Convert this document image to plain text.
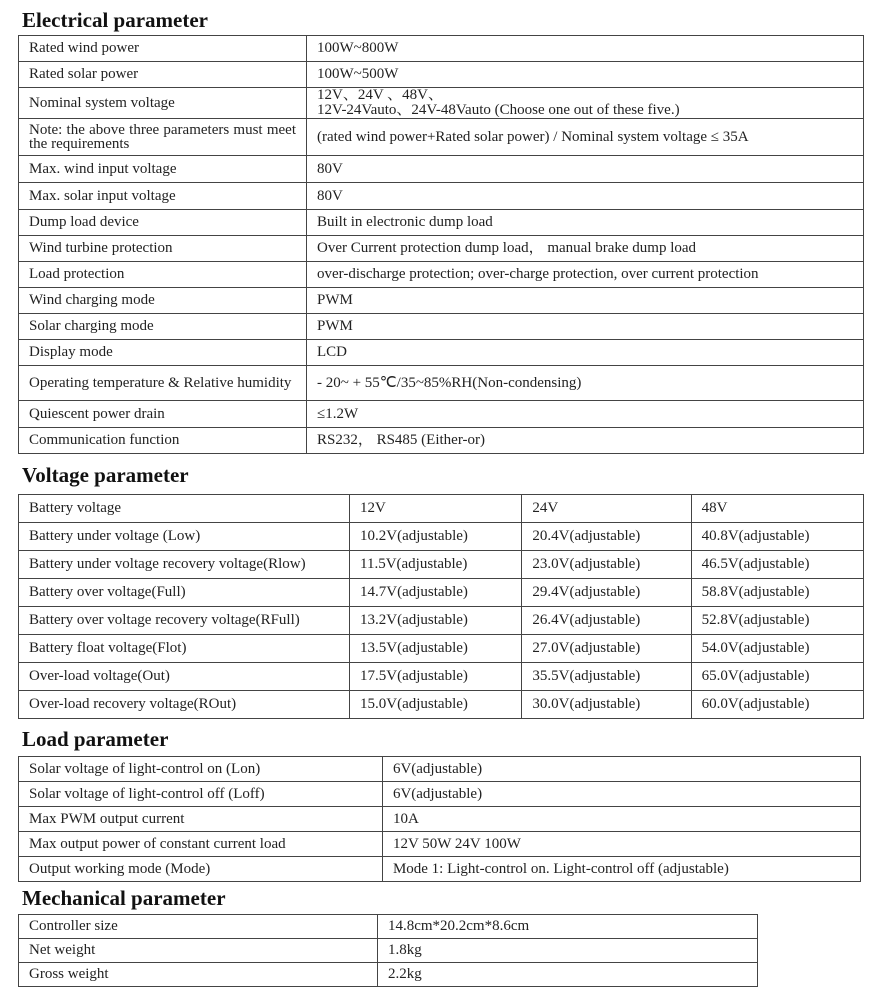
Electrical parameter
Rated wind power	100W~800W
Rated solar power	100W~500W
Nominal system voltage	12V、24V 、48V、
12V-24Vauto、24V-48Vauto (Choose one out of these five.)
Note: the above three parameters must meet the requirements	(rated wind power+Rated solar power) / Nominal system voltage ≤ 35A
Max. wind input voltage	80V
Max. solar input voltage	80V
Dump load device	Built in electronic dump load
Wind turbine protection	Over Current protection dump load， manual brake dump load
Load protection	over-discharge protection; over-charge protection, over current protection
Wind charging mode	PWM
Solar charging mode	PWM
Display mode	LCD
Operating temperature & Relative humidity	- 20~ + 55℃/35~85%RH(Non-condensing)
Quiescent power drain	≤1.2W
Communication function	RS232， RS485 (Either-or)
Voltage parameter
Battery voltage	12V	24V	48V
Battery under voltage (Low)	10.2V(adjustable)	20.4V(adjustable)	40.8V(adjustable)
Battery under voltage recovery voltage(Rlow)	11.5V(adjustable)	23.0V(adjustable)	46.5V(adjustable)
Battery over voltage(Full)	14.7V(adjustable)	29.4V(adjustable)	58.8V(adjustable)
Battery over voltage recovery voltage(RFull)	13.2V(adjustable)	26.4V(adjustable)	52.8V(adjustable)
Battery float voltage(Flot)	13.5V(adjustable)	27.0V(adjustable)	54.0V(adjustable)
Over-load voltage(Out)	17.5V(adjustable)	35.5V(adjustable)	65.0V(adjustable)
Over-load recovery voltage(ROut)	15.0V(adjustable)	30.0V(adjustable)	60.0V(adjustable)
Load parameter
Solar voltage of light-control on (Lon)	6V(adjustable)
Solar voltage of light-control off (Loff)	6V(adjustable)
Max PWM output current	10A
Max output power of constant current load	12V 50W 24V 100W
Output working mode (Mode)	Mode 1: Light-control on. Light-control off (adjustable)
Mechanical parameter
Controller size	14.8cm*20.2cm*8.6cm
Net weight	1.8kg
Gross weight	2.2kg
